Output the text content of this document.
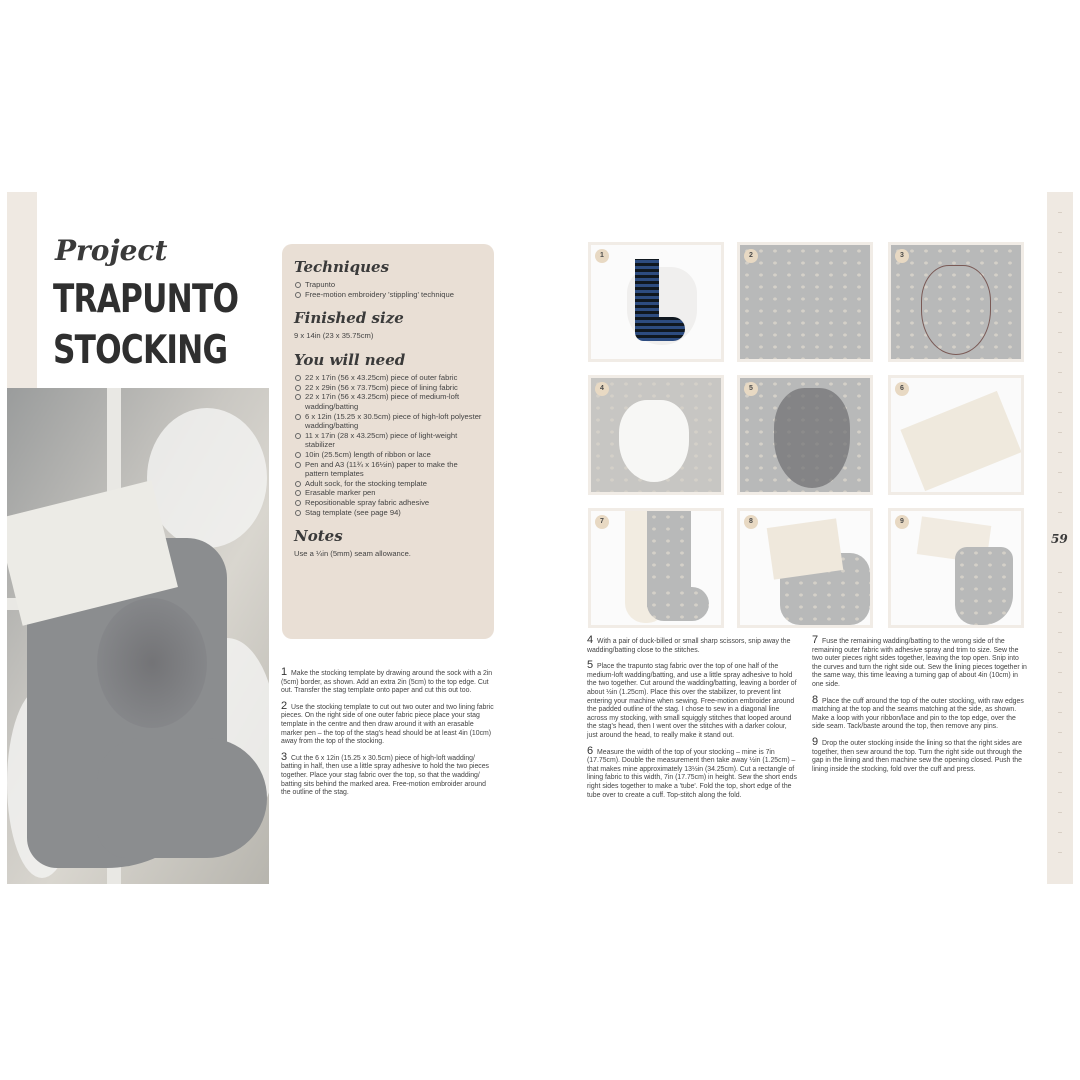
Project
TRAPUNTO
STOCKING
Techniques
Trapunto
Free-motion embroidery 'stippling' technique
Finished size

9 x 14in (23 x 35.75cm)

You will need
22 x 17in (56 x 43.25cm) piece of outer fabric
22 x 29in (56 x 73.75cm) piece of lining fabric
22 x 17in (56 x 43.25cm) piece of medium-loft wadding/batting
6 x 12in (15.25 x 30.5cm) piece of high-loft polyester wadding/batting
11 x 17in (28 x 43.25cm) piece of light-weight stabilizer
10in (25.5cm) length of ribbon or lace
Pen and A3 (11¾ x 16½in) paper to make the pattern templates
Adult sock, for the stocking template
Erasable marker pen
Repositionable spray fabric adhesive
Stag template (see page 94)
Notes

Use a ¼in (5mm) seam allowance.

1 Make the stocking template by drawing around the sock with a 2in (5cm) border, as shown. Add an extra 2in (5cm) to the top edge. Cut out. Transfer the stag template onto paper and cut this out too.
2 Use the stocking template to cut out two outer and two lining fabric pieces. On the right side of one outer fabric piece place your stag template in the centre and then draw around it with an erasable marker pen – the top of the stag's head should be at least 4in (10cm) away from the top of the stocking.
3 Cut the 6 x 12in (15.25 x 30.5cm) piece of high-loft wadding/ batting in half, then use a little spray adhesive to hold the two pieces together. Place your stag fabric over the top, so that the wadding/ batting sits behind the marked area. Free-motion embroider around the outline of the stag.
1	2	3
4	5	6
7	8	9
4 With a pair of duck-billed or small sharp scissors, snip away the wadding/batting close to the stitches.
5 Place the trapunto stag fabric over the top of one half of the medium-loft wadding/batting, and use a little spray adhesive to hold the two together. Cut around the wadding/batting, leaving a border of about ½in (1.25cm). Place this over the stabilizer, to prevent lint entering your machine when sewing. Free-motion embroider around the padded outline of the stag. I chose to sew in a diagonal line across my stocking, with small squiggly stitches that looped around the stag's head, then I went over the stitches with a darker colour, just around the head, to really make it stand out.
6 Measure the width of the top of your stocking – mine is 7in (17.75cm). Double the measurement then take away ½in (1.25cm) – that makes mine approximately 13½in (34.25cm). Cut a rectangle of lining fabric to this width, 7in (17.75cm) in height. Sew the short ends right sides together to make a 'tube'. Fold the top, short edge of the tube over to create a cuff. Top-stitch along the fold.
7 Fuse the remaining wadding/batting to the wrong side of the remaining outer fabric with adhesive spray and trim to size. Sew the two outer pieces right sides together, leaving the top open. Snip into the curves and turn the right side out. Sew the lining pieces together in the same way, this time leaving a turning gap of about 4in (10cm) in one side.
8 Place the cuff around the top of the outer stocking, with raw edges matching at the top and the seams matching at the side, as shown. Make a loop with your ribbon/lace and pin to the top edge, over the side seam. Tack/baste around the top, then remove any pins.
9 Drop the outer stocking inside the lining so that the right sides are together, then sew around the top. Turn the right side out through the gap in the lining and then machine sew the opening closed. Push the lining inside the stocking, fold over the cuff and press.
59
